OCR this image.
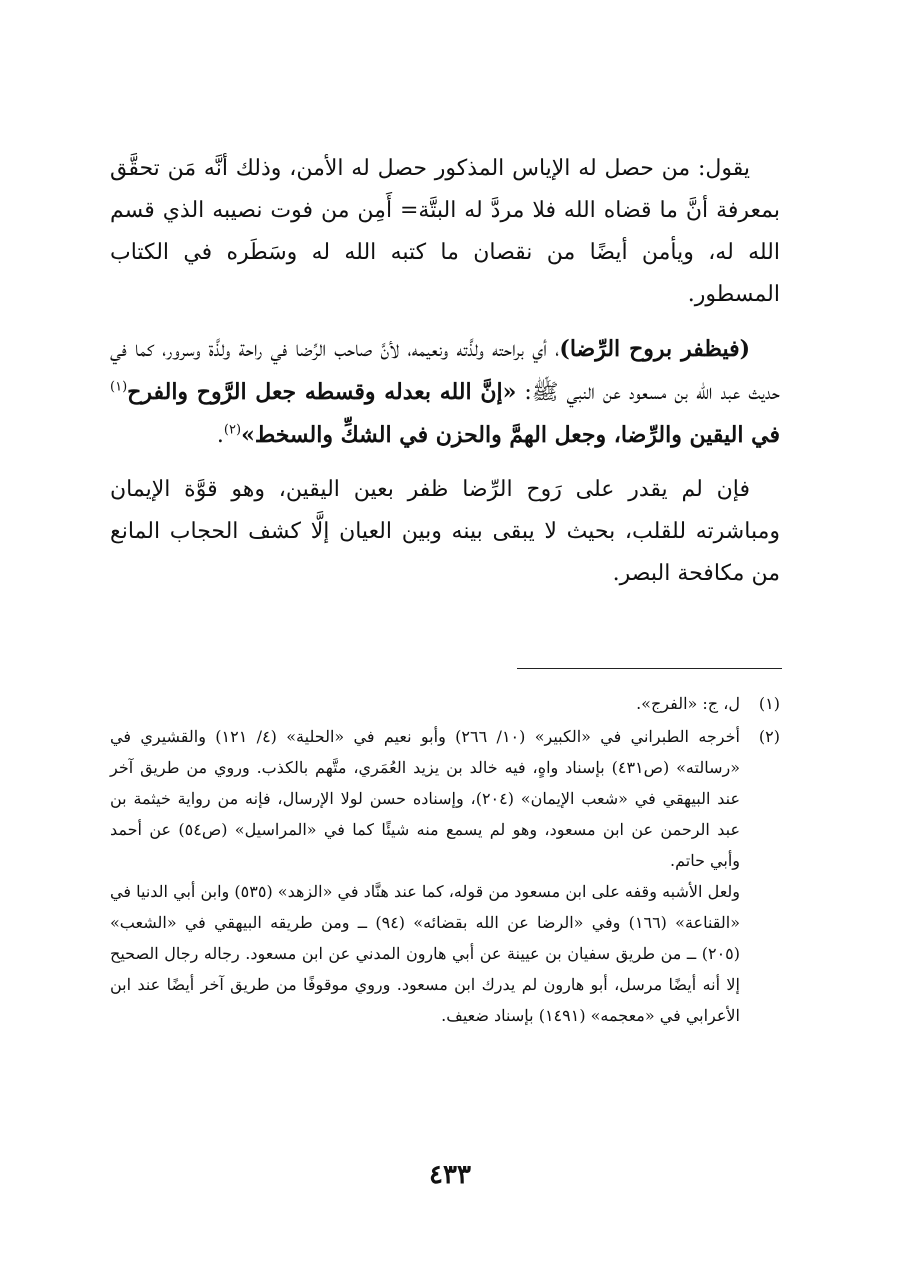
يقول: من حصل له الإياس المذكور حصل له الأمن، وذلك أنَّه مَن تحقَّق بمعرفة أنَّ ما قضاه الله فلا مردَّ له البتَّة= أَمِن من فوت نصيبه الذي قسم الله له، ويأمن أيضًا من نقصان ما كتبه الله له وسَطَره في الكتاب المسطور.

(فيظفر بروح الرِّضا)، أي براحته ولذَّته ونعيمه، لأنَّ صاحب الرِّضا في راحة ولذَّة وسرور، كما في حديث عبد الله بن مسعود عن النبي ﷺ: «إنَّ الله بعدله وقسطه جعل الرَّوح والفرح$^{(١)}$ في اليقين والرِّضا، وجعل الهمَّ والحزن في الشكِّ والسخط»$^{(٢)}$.

فإن لم يقدر على رَوح الرِّضا ظفر بعين اليقين، وهو قوَّة الإيمان ومباشرته للقلب، بحيث لا يبقى بينه وبين العيان إلَّا كشف الحجاب المانع من مكافحة البصر.

(١)

ل، ج: «الفرج».

(٢)

أخرجه الطبراني في «الكبير» (١٠/ ٢٦٦) وأبو نعيم في «الحلية» (٤/ ١٢١) والقشيري في «رسالته» (ص٤٣١) بإسناد واهٍ، فيه خالد بن يزيد العُمَري، متَّهم بالكذب. وروي من طريق آخر عند البيهقي في «شعب الإيمان» (٢٠٤)، وإسناده حسن لولا الإرسال، فإنه من رواية خيثمة بن عبد الرحمن عن ابن مسعود، وهو لم يسمع منه شيئًا كما في «المراسيل» (ص٥٤) عن أحمد وأبي حاتم.

ولعل الأشبه وقفه على ابن مسعود من قوله، كما عند هنَّاد في «الزهد» (٥٣٥) وابن أبي الدنيا في «القناعة» (١٦٦) وفي «الرضا عن الله بقضائه» (٩٤) ــ ومن طريقه البيهقي في «الشعب» (٢٠٥) ــ من طريق سفيان بن عيينة عن أبي هارون المدني عن ابن مسعود. رجاله رجال الصحيح إلا أنه أيضًا مرسل، أبو هارون لم يدرك ابن مسعود. وروي موقوفًا من طريق آخر أيضًا عند ابن الأعرابي في «معجمه» (١٤٩١) بإسناد ضعيف.

٤٣٣
